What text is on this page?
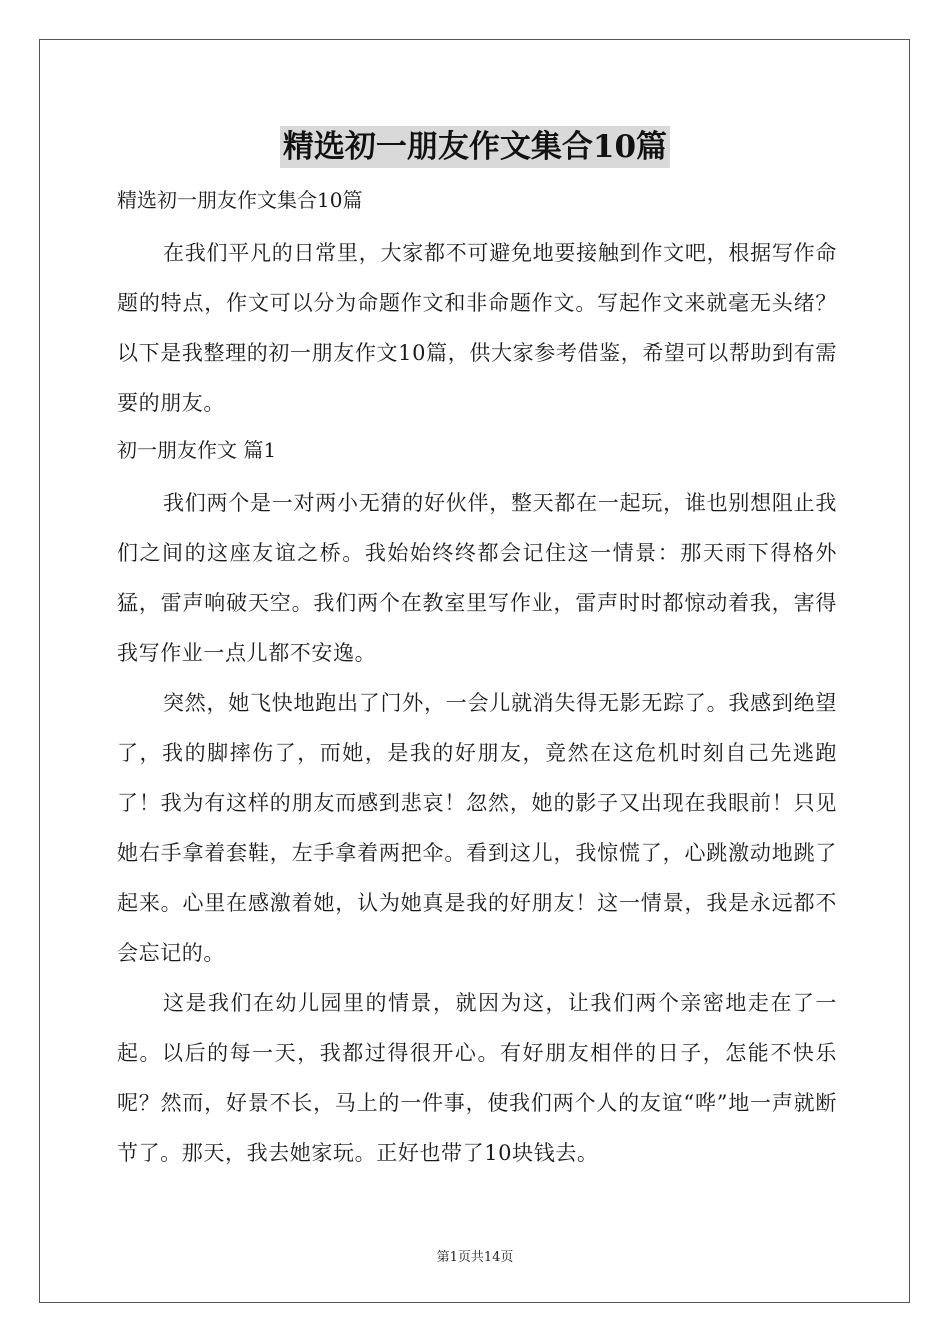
精选初一朋友作文集合10篇

精选初一朋友作文集合10篇

在我们平凡的日常里，大家都不可避免地要接触到作文吧，根据写作命题的特点，作文可以分为命题作文和非命题作文。写起作文来就毫无头绪？以下是我整理的初一朋友作文10篇，供大家参考借鉴，希望可以帮助到有需要的朋友。

初一朋友作文 篇1

我们两个是一对两小无猜的好伙伴，整天都在一起玩，谁也别想阻止我们之间的这座友谊之桥。我始始终终都会记住这一情景：那天雨下得格外猛，雷声响破天空。我们两个在教室里写作业，雷声时时都惊动着我，害得我写作业一点儿都不安逸。

突然，她飞快地跑出了门外，一会儿就消失得无影无踪了。我感到绝望了，我的脚摔伤了，而她，是我的好朋友，竟然在这危机时刻自己先逃跑了！我为有这样的朋友而感到悲哀！忽然，她的影子又出现在我眼前！只见她右手拿着套鞋，左手拿着两把伞。看到这儿，我惊慌了，心跳激动地跳了起来。心里在感激着她，认为她真是我的好朋友！这一情景，我是永远都不会忘记的。

这是我们在幼儿园里的情景，就因为这，让我们两个亲密地走在了一起。以后的每一天，我都过得很开心。有好朋友相伴的日子，怎能不快乐呢？然而，好景不长，马上的一件事，使我们两个人的友谊“哗”地一声就断节了。那天，我去她家玩。正好也带了10块钱去。

第1页共14页
